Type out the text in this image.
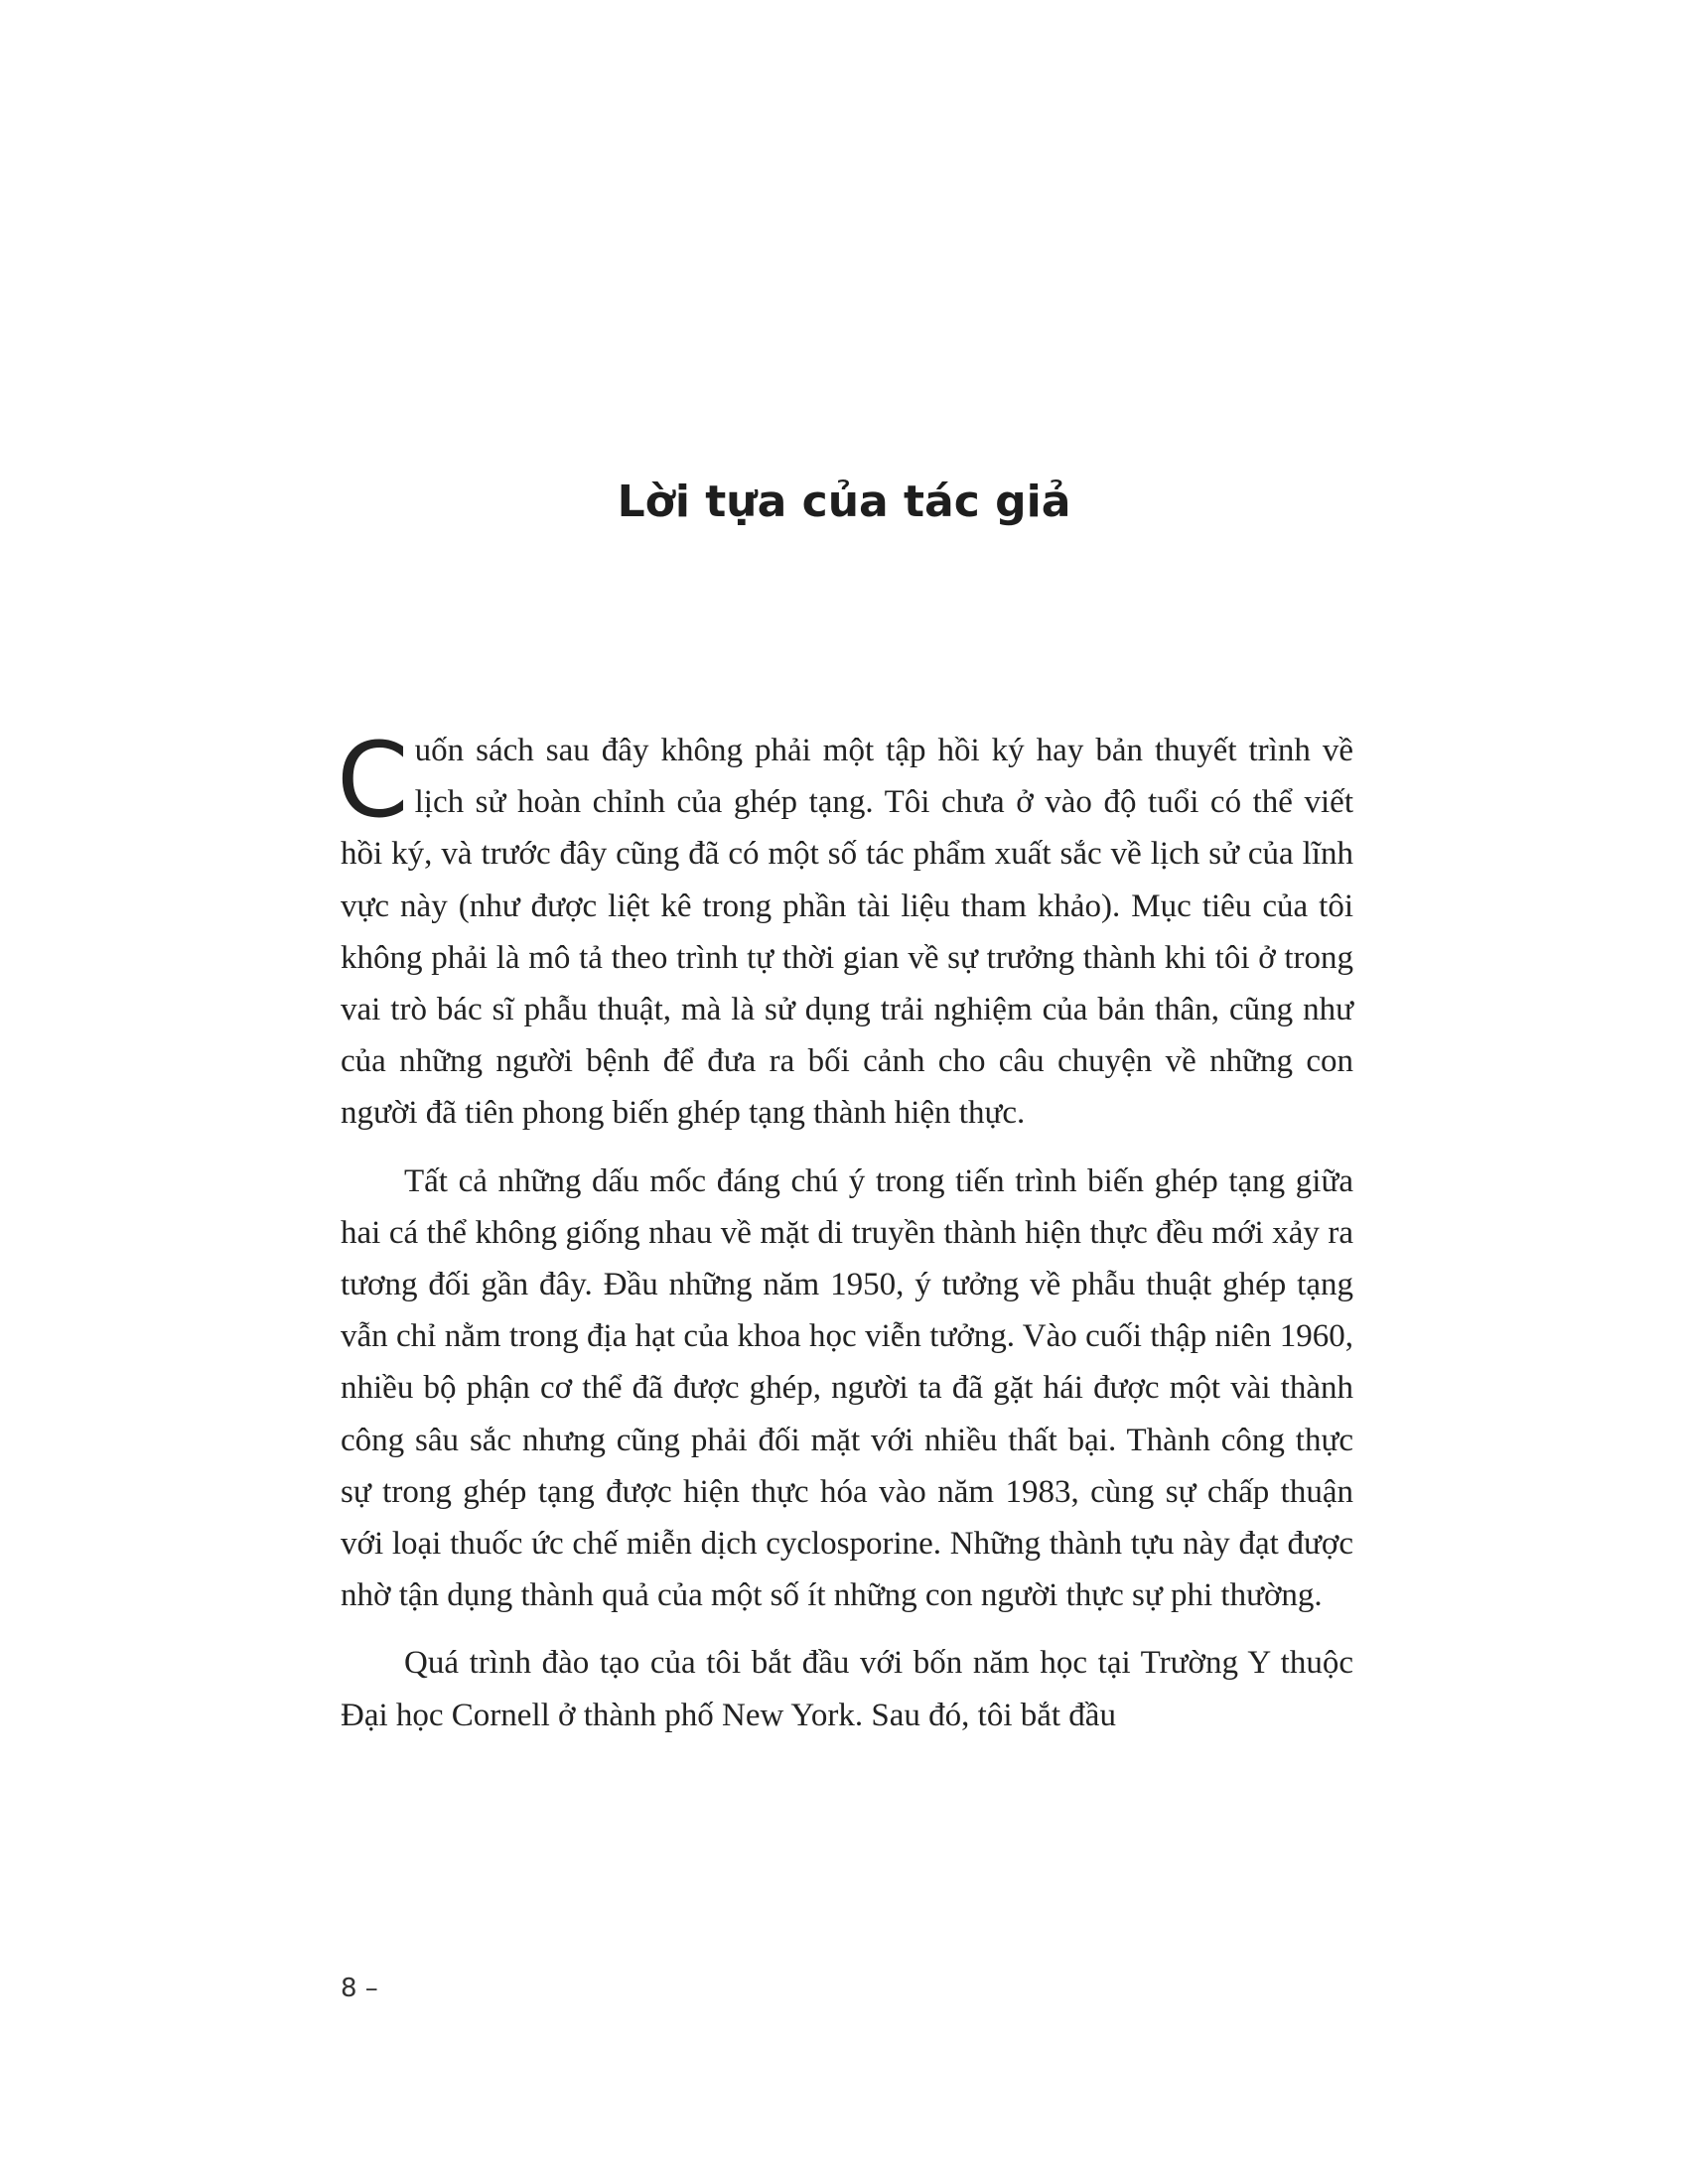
Lời tựa của tác giả

Cuốn sách sau đây không phải một tập hồi ký hay bản thuyết trình về lịch sử hoàn chỉnh của ghép tạng. Tôi chưa ở vào độ tuổi có thể viết hồi ký, và trước đây cũng đã có một số tác phẩm xuất sắc về lịch sử của lĩnh vực này (như được liệt kê trong phần tài liệu tham khảo). Mục tiêu của tôi không phải là mô tả theo trình tự thời gian về sự trưởng thành khi tôi ở trong vai trò bác sĩ phẫu thuật, mà là sử dụng trải nghiệm của bản thân, cũng như của những người bệnh để đưa ra bối cảnh cho câu chuyện về những con người đã tiên phong biến ghép tạng thành hiện thực.

Tất cả những dấu mốc đáng chú ý trong tiến trình biến ghép tạng giữa hai cá thể không giống nhau về mặt di truyền thành hiện thực đều mới xảy ra tương đối gần đây. Đầu những năm 1950, ý tưởng về phẫu thuật ghép tạng vẫn chỉ nằm trong địa hạt của khoa học viễn tưởng. Vào cuối thập niên 1960, nhiều bộ phận cơ thể đã được ghép, người ta đã gặt hái được một vài thành công sâu sắc nhưng cũng phải đối mặt với nhiều thất bại. Thành công thực sự trong ghép tạng được hiện thực hóa vào năm 1983, cùng sự chấp thuận với loại thuốc ức chế miễn dịch cyclosporine. Những thành tựu này đạt được nhờ tận dụng thành quả của một số ít những con người thực sự phi thường.

Quá trình đào tạo của tôi bắt đầu với bốn năm học tại Trường Y thuộc Đại học Cornell ở thành phố New York. Sau đó, tôi bắt đầu

8 –
